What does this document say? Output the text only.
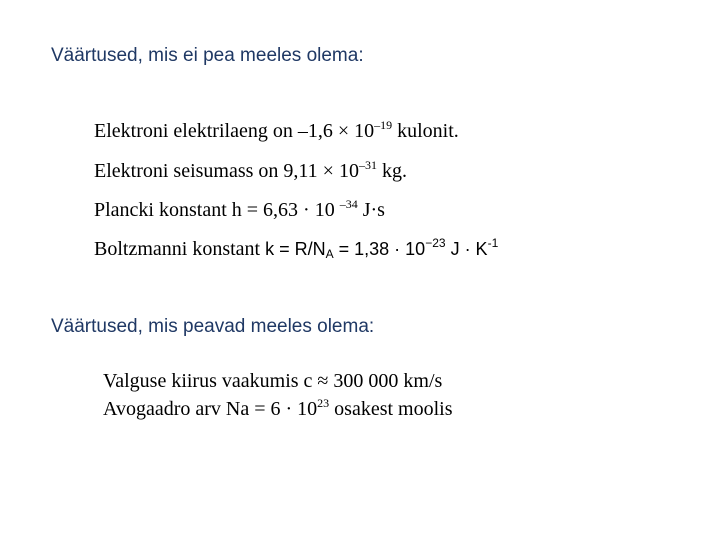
Väärtused, mis ei pea meeles olema:
Elektroni elektrilaeng on $-1,6 \times 10^{-19}$ kulonit.
Elektroni seisumass on $9,11 \times 10^{-31}$ kg.
Plancki konstant h = 6,63 · 10 $^{-34}$ J·s
Boltzmanni konstant $k = R/N_A = 1,38 \cdot 10^{-23}$ $J \cdot K^{-1}$
Väärtused, mis peavad meeles olema:
Valguse kiirus vaakumis c ≈ 300 000 km/s
Avogaadro arv $Na = 6 \cdot 10^{23}$ osakest moolis
